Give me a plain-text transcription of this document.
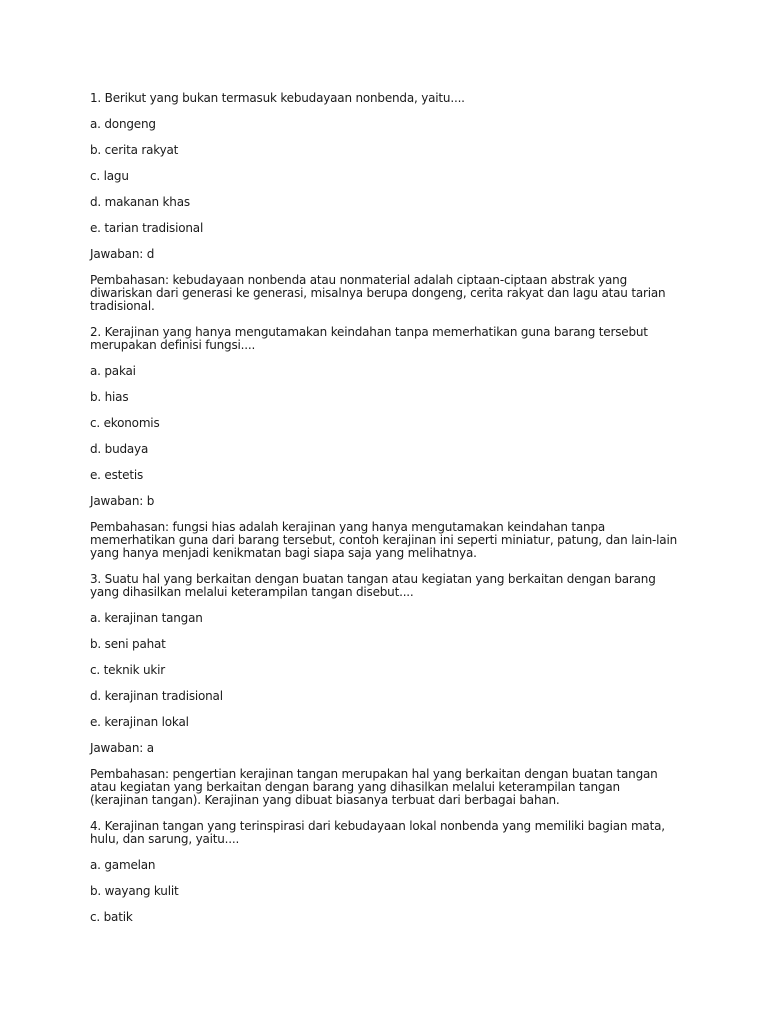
1. Berikut yang bukan termasuk kebudayaan nonbenda, yaitu....
a. dongeng
b. cerita rakyat
c. lagu
d. makanan khas
e. tarian tradisional
Jawaban: d
Pembahasan: kebudayaan nonbenda atau nonmaterial adalah ciptaan-ciptaan abstrak yang diwariskan dari generasi ke generasi, misalnya berupa dongeng, cerita rakyat dan lagu atau tarian tradisional.
2. Kerajinan yang hanya mengutamakan keindahan tanpa memerhatikan guna barang tersebut merupakan definisi fungsi....
a. pakai
b. hias
c. ekonomis
d. budaya
e. estetis
Jawaban: b
Pembahasan: fungsi hias adalah kerajinan yang hanya mengutamakan keindahan tanpa memerhatikan guna dari barang tersebut, contoh kerajinan ini seperti miniatur, patung, dan lain-lain yang hanya menjadi kenikmatan bagi siapa saja yang melihatnya.
3. Suatu hal yang berkaitan dengan buatan tangan atau kegiatan yang berkaitan dengan barang yang dihasilkan melalui keterampilan tangan disebut....
a. kerajinan tangan
b. seni pahat
c. teknik ukir
d. kerajinan tradisional
e. kerajinan lokal
Jawaban: a
Pembahasan: pengertian kerajinan tangan merupakan hal yang berkaitan dengan buatan tangan atau kegiatan yang berkaitan dengan barang yang dihasilkan melalui keterampilan tangan (kerajinan tangan). Kerajinan yang dibuat biasanya terbuat dari berbagai bahan.
4. Kerajinan tangan yang terinspirasi dari kebudayaan lokal nonbenda yang memiliki bagian mata, hulu, dan sarung, yaitu....
a. gamelan
b. wayang kulit
c. batik
